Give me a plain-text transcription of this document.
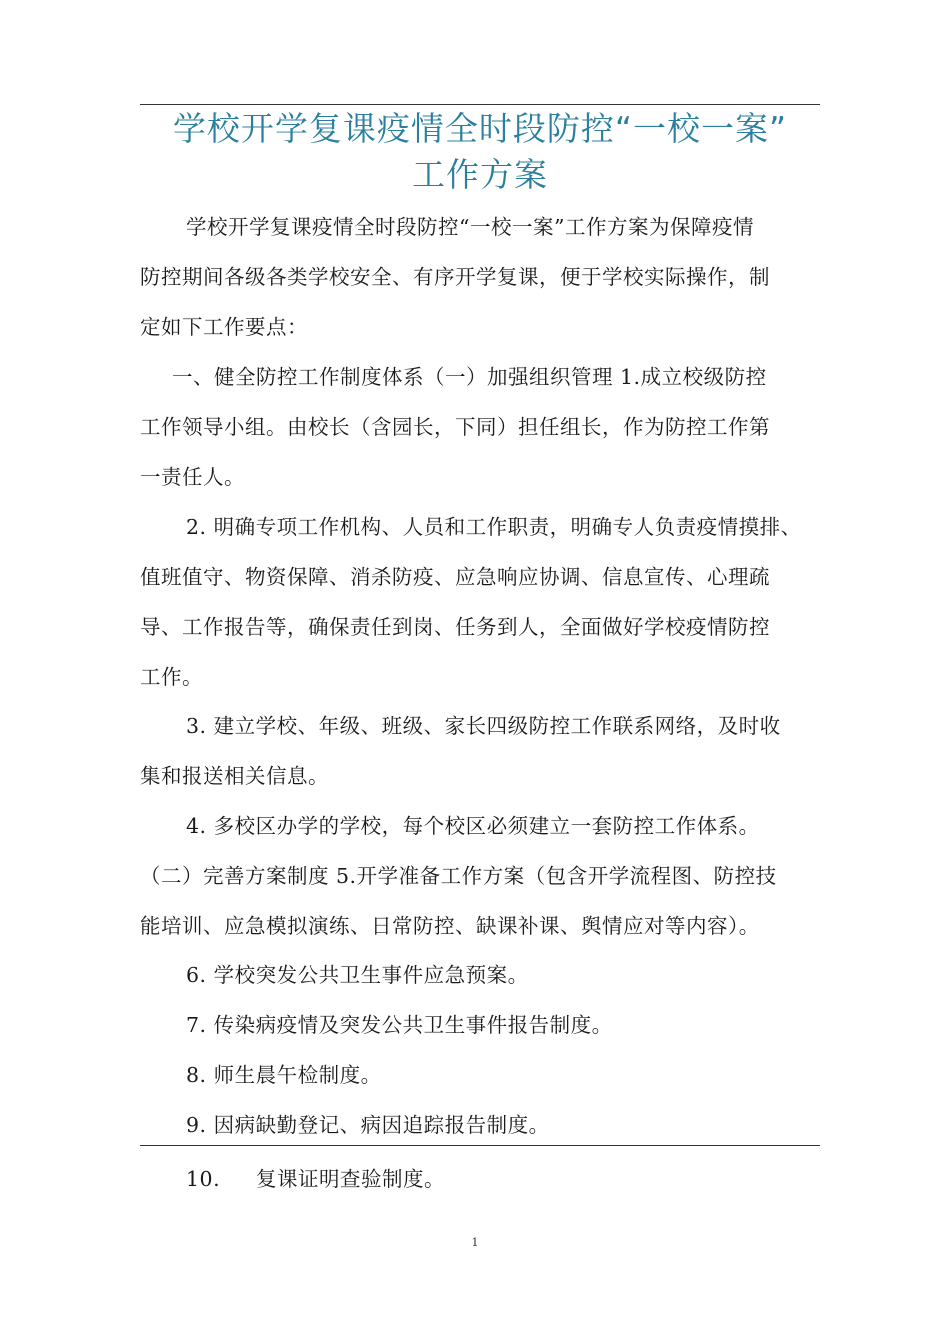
学校开学复课疫情全时段防控“一校一案”
工作方案
学校开学复课疫情全时段防控“一校一案”工作方案为保障疫情
防控期间各级各类学校安全、有序开学复课，便于学校实际操作，制
定如下工作要点：
一、健全防控工作制度体系（一）加强组织管理 1.成立校级防控
工作领导小组。由校长（含园长，下同）担任组长，作为防控工作第
一责任人。
2. 明确专项工作机构、人员和工作职责，明确专人负责疫情摸排、
值班值守、物资保障、消杀防疫、应急响应协调、信息宣传、心理疏
导、工作报告等，确保责任到岗、任务到人，全面做好学校疫情防控
工作。
3. 建立学校、年级、班级、家长四级防控工作联系网络，及时收
集和报送相关信息。
4. 多校区办学的学校，每个校区必须建立一套防控工作体系。
（二）完善方案制度 5.开学准备工作方案（包含开学流程图、防控技
能培训、应急模拟演练、日常防控、缺课补课、舆情应对等内容）。
6. 学校突发公共卫生事件应急预案。
7. 传染病疫情及突发公共卫生事件报告制度。
8. 师生晨午检制度。
9. 因病缺勤登记、病因追踪报告制度。
10. 复课证明查验制度。
1
